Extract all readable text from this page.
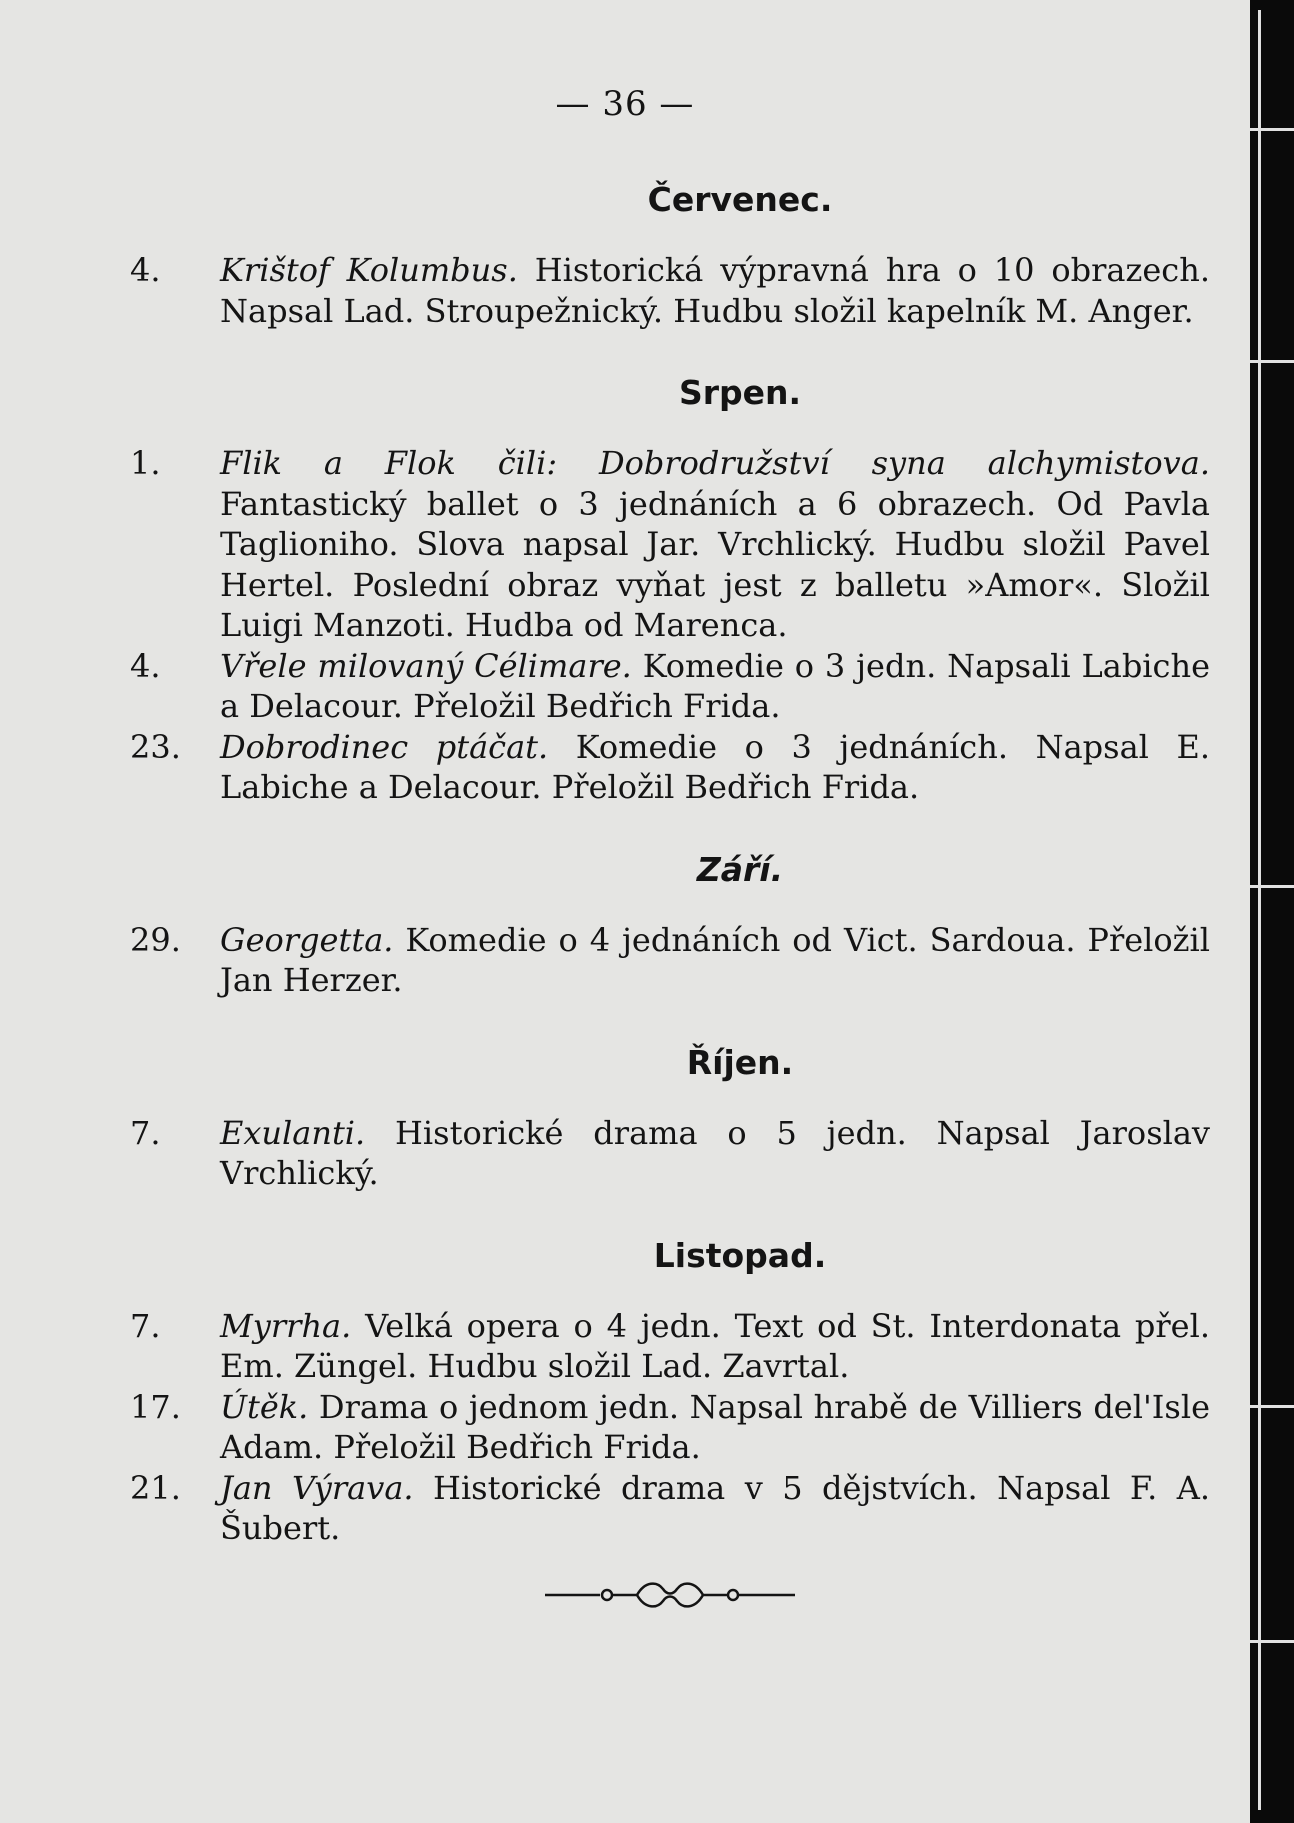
— 36 —
Červenec.
4.	Krištof Kolumbus. Historická výpravná hra o 10 obrazech. Napsal Lad. Stroupežnický. Hudbu složil kapelník M. Anger.
Srpen.
1.	Flik a Flok čili: Dobrodružství syna alchymistova. Fantastický ballet o 3 jednáních a 6 obrazech. Od Pavla Taglioniho. Slova napsal Jar. Vrchlický. Hudbu složil Pavel Hertel. Poslední obraz vyňat jest z balletu »Amor«. Složil Luigi Manzoti. Hudba od Marenca.
4.	Vřele milovaný Célimare. Komedie o 3 jedn. Napsali Labiche a Delacour. Přeložil Bedřich Frida.
23.	Dobrodinec ptáčat. Komedie o 3 jednáních. Napsal E. Labiche a Delacour. Přeložil Bedřich Frida.
Září.
29.	Georgetta. Komedie o 4 jednáních od Vict. Sardoua. Přeložil Jan Herzer.
Říjen.
7.	Exulanti. Historické drama o 5 jedn. Napsal Jaroslav Vrchlický.
Listopad.
7.	Myrrha. Velká opera o 4 jedn. Text od St. Interdonata přel. Em. Züngel. Hudbu složil Lad. Zavrtal.
17.	Útěk. Drama o jednom jedn. Napsal hrabě de Villiers del'Isle Adam. Přeložil Bedřich Frida.
21.	Jan Výrava. Historické drama v 5 dějstvích. Napsal F. A. Šubert.
